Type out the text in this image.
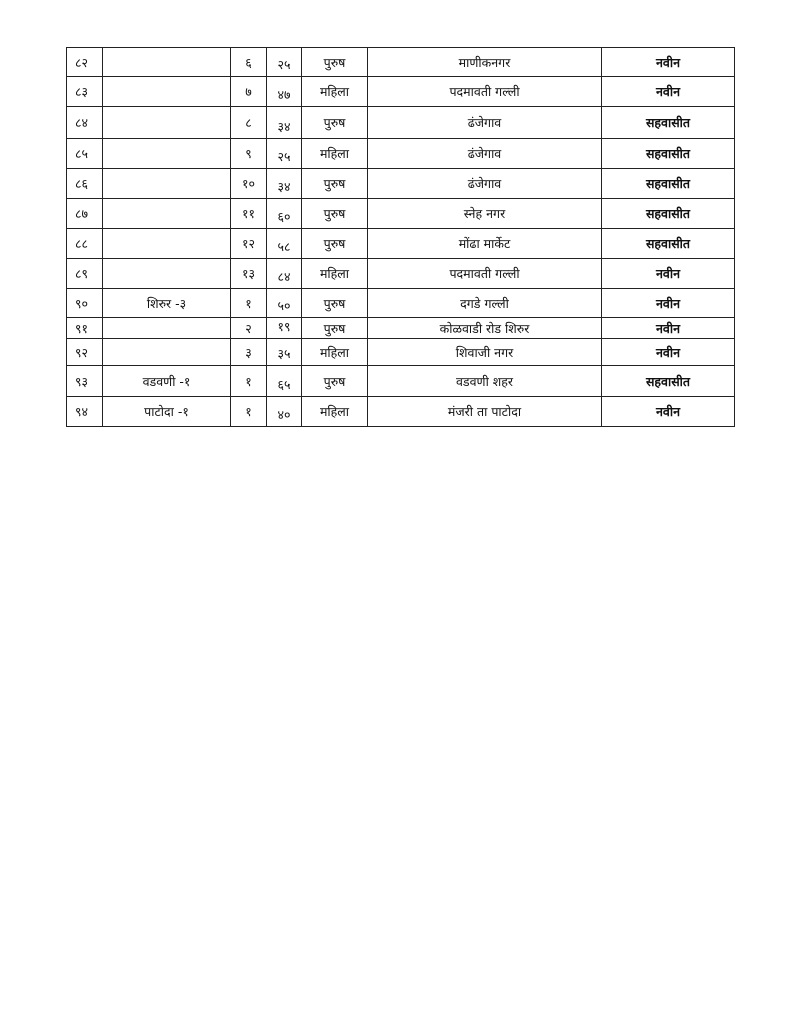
८२		६	२५	पुरुष	माणीकनगर	नवीन
८३		७	४७	महिला	पदमावती गल्ली	नवीन
८४		८	३४	पुरुष	ढंजेगाव	सहवासीत
८५		९	२५	महिला	ढंजेगाव	सहवासीत
८६		१०	३४	पुरुष	ढंजेगाव	सहवासीत
८७		११	६०	पुरुष	स्नेह नगर	सहवासीत
८८		१२	५८	पुरुष	मोंढा मार्केट	सहवासीत
८९		१३	८४	महिला	पदमावती गल्ली	नवीन
९०	शिरुर -३	१	५०	पुरुष	दगडे गल्ली	नवीन
९१		२	१९	पुरुष	कोळवाडी रोड शिरुर	नवीन
९२		३	३५	महिला	शिवाजी नगर	नवीन
९३	वडवणी -१	१	६५	पुरुष	वडवणी शहर	सहवासीत
९४	पाटोदा -१	१	४०	महिला	मंजरी ता पाटोदा	नवीन
